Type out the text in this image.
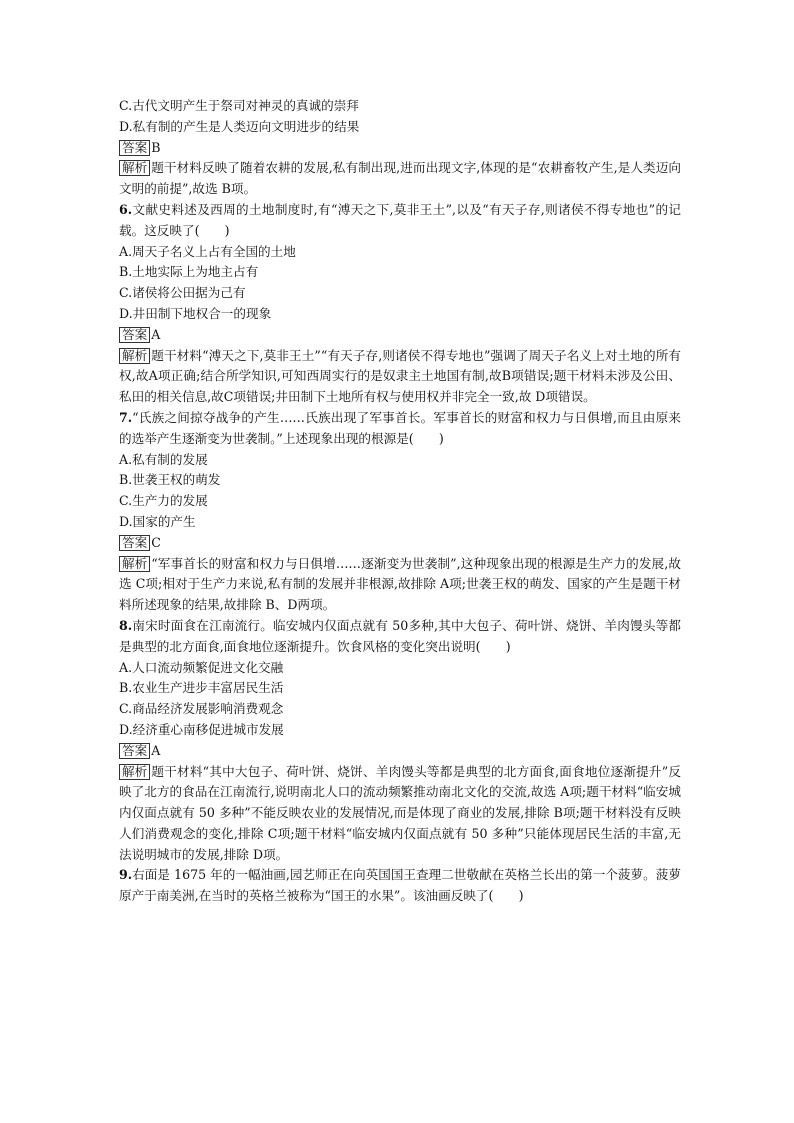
C.古代文明产生于祭司对神灵的真诚的崇拜
D.私有制的产生是人类迈向文明进步的结果
答案 B
解析 题干材料反映了随着农耕的发展,私有制出现,进而出现文字,体现的是“农耕畜牧产生,是人类迈向文明的前提”,故选 B项。
6.文献史料述及西周的土地制度时,有“溥天之下,莫非王土”,以及“有天子存,则诸侯不得专地也”的记载。这反映了(　　)
A.周天子名义上占有全国的土地
B.土地实际上为地主占有
C.诸侯将公田据为己有
D.井田制下地权合一的现象
答案 A
解析 题干材料“溥天之下,莫非王土”“有天子存,则诸侯不得专地也”强调了周天子名义上对土地的所有权,故A项正确;结合所学知识,可知西周实行的是奴隶主土地国有制,故B项错误;题干材料未涉及公田、私田的相关信息,故C项错误;井田制下土地所有权与使用权并非完全一致,故 D项错误。
7.“氏族之间掠夺战争的产生……氏族出现了军事首长。军事首长的财富和权力与日俱增,而且由原来的选举产生逐渐变为世袭制。”上述现象出现的根源是(　　)
A.私有制的发展
B.世袭王权的萌发
C.生产力的发展
D.国家的产生
答案 C
解析 “军事首长的财富和权力与日俱增……逐渐变为世袭制”,这种现象出现的根源是生产力的发展,故选 C项;相对于生产力来说,私有制的发展并非根源,故排除 A项;世袭王权的萌发、国家的产生是题干材料所述现象的结果,故排除 B、D两项。
8.南宋时面食在江南流行。临安城内仅面点就有 50多种,其中大包子、荷叶饼、烧饼、羊肉馒头等都是典型的北方面食,面食地位逐渐提升。饮食风格的变化突出说明(　　)
A.人口流动频繁促进文化交融
B.农业生产进步丰富居民生活
C.商品经济发展影响消费观念
D.经济重心南移促进城市发展
答案 A
解析 题干材料“其中大包子、荷叶饼、烧饼、羊肉馒头等都是典型的北方面食,面食地位逐渐提升”反映了北方的食品在江南流行,说明南北人口的流动频繁推动南北文化的交流,故选 A项;题干材料“临安城内仅面点就有 50 多种”不能反映农业的发展情况,而是体现了商业的发展,排除 B项;题干材料没有反映人们消费观念的变化,排除 C项;题干材料“临安城内仅面点就有 50 多种”只能体现居民生活的丰富,无法说明城市的发展,排除 D项。
9.右面是 1675 年的一幅油画,园艺师正在向英国国王查理二世敬献在英格兰长出的第一个菠萝。菠萝原产于南美洲,在当时的英格兰被称为“国王的水果”。该油画反映了(　　)
